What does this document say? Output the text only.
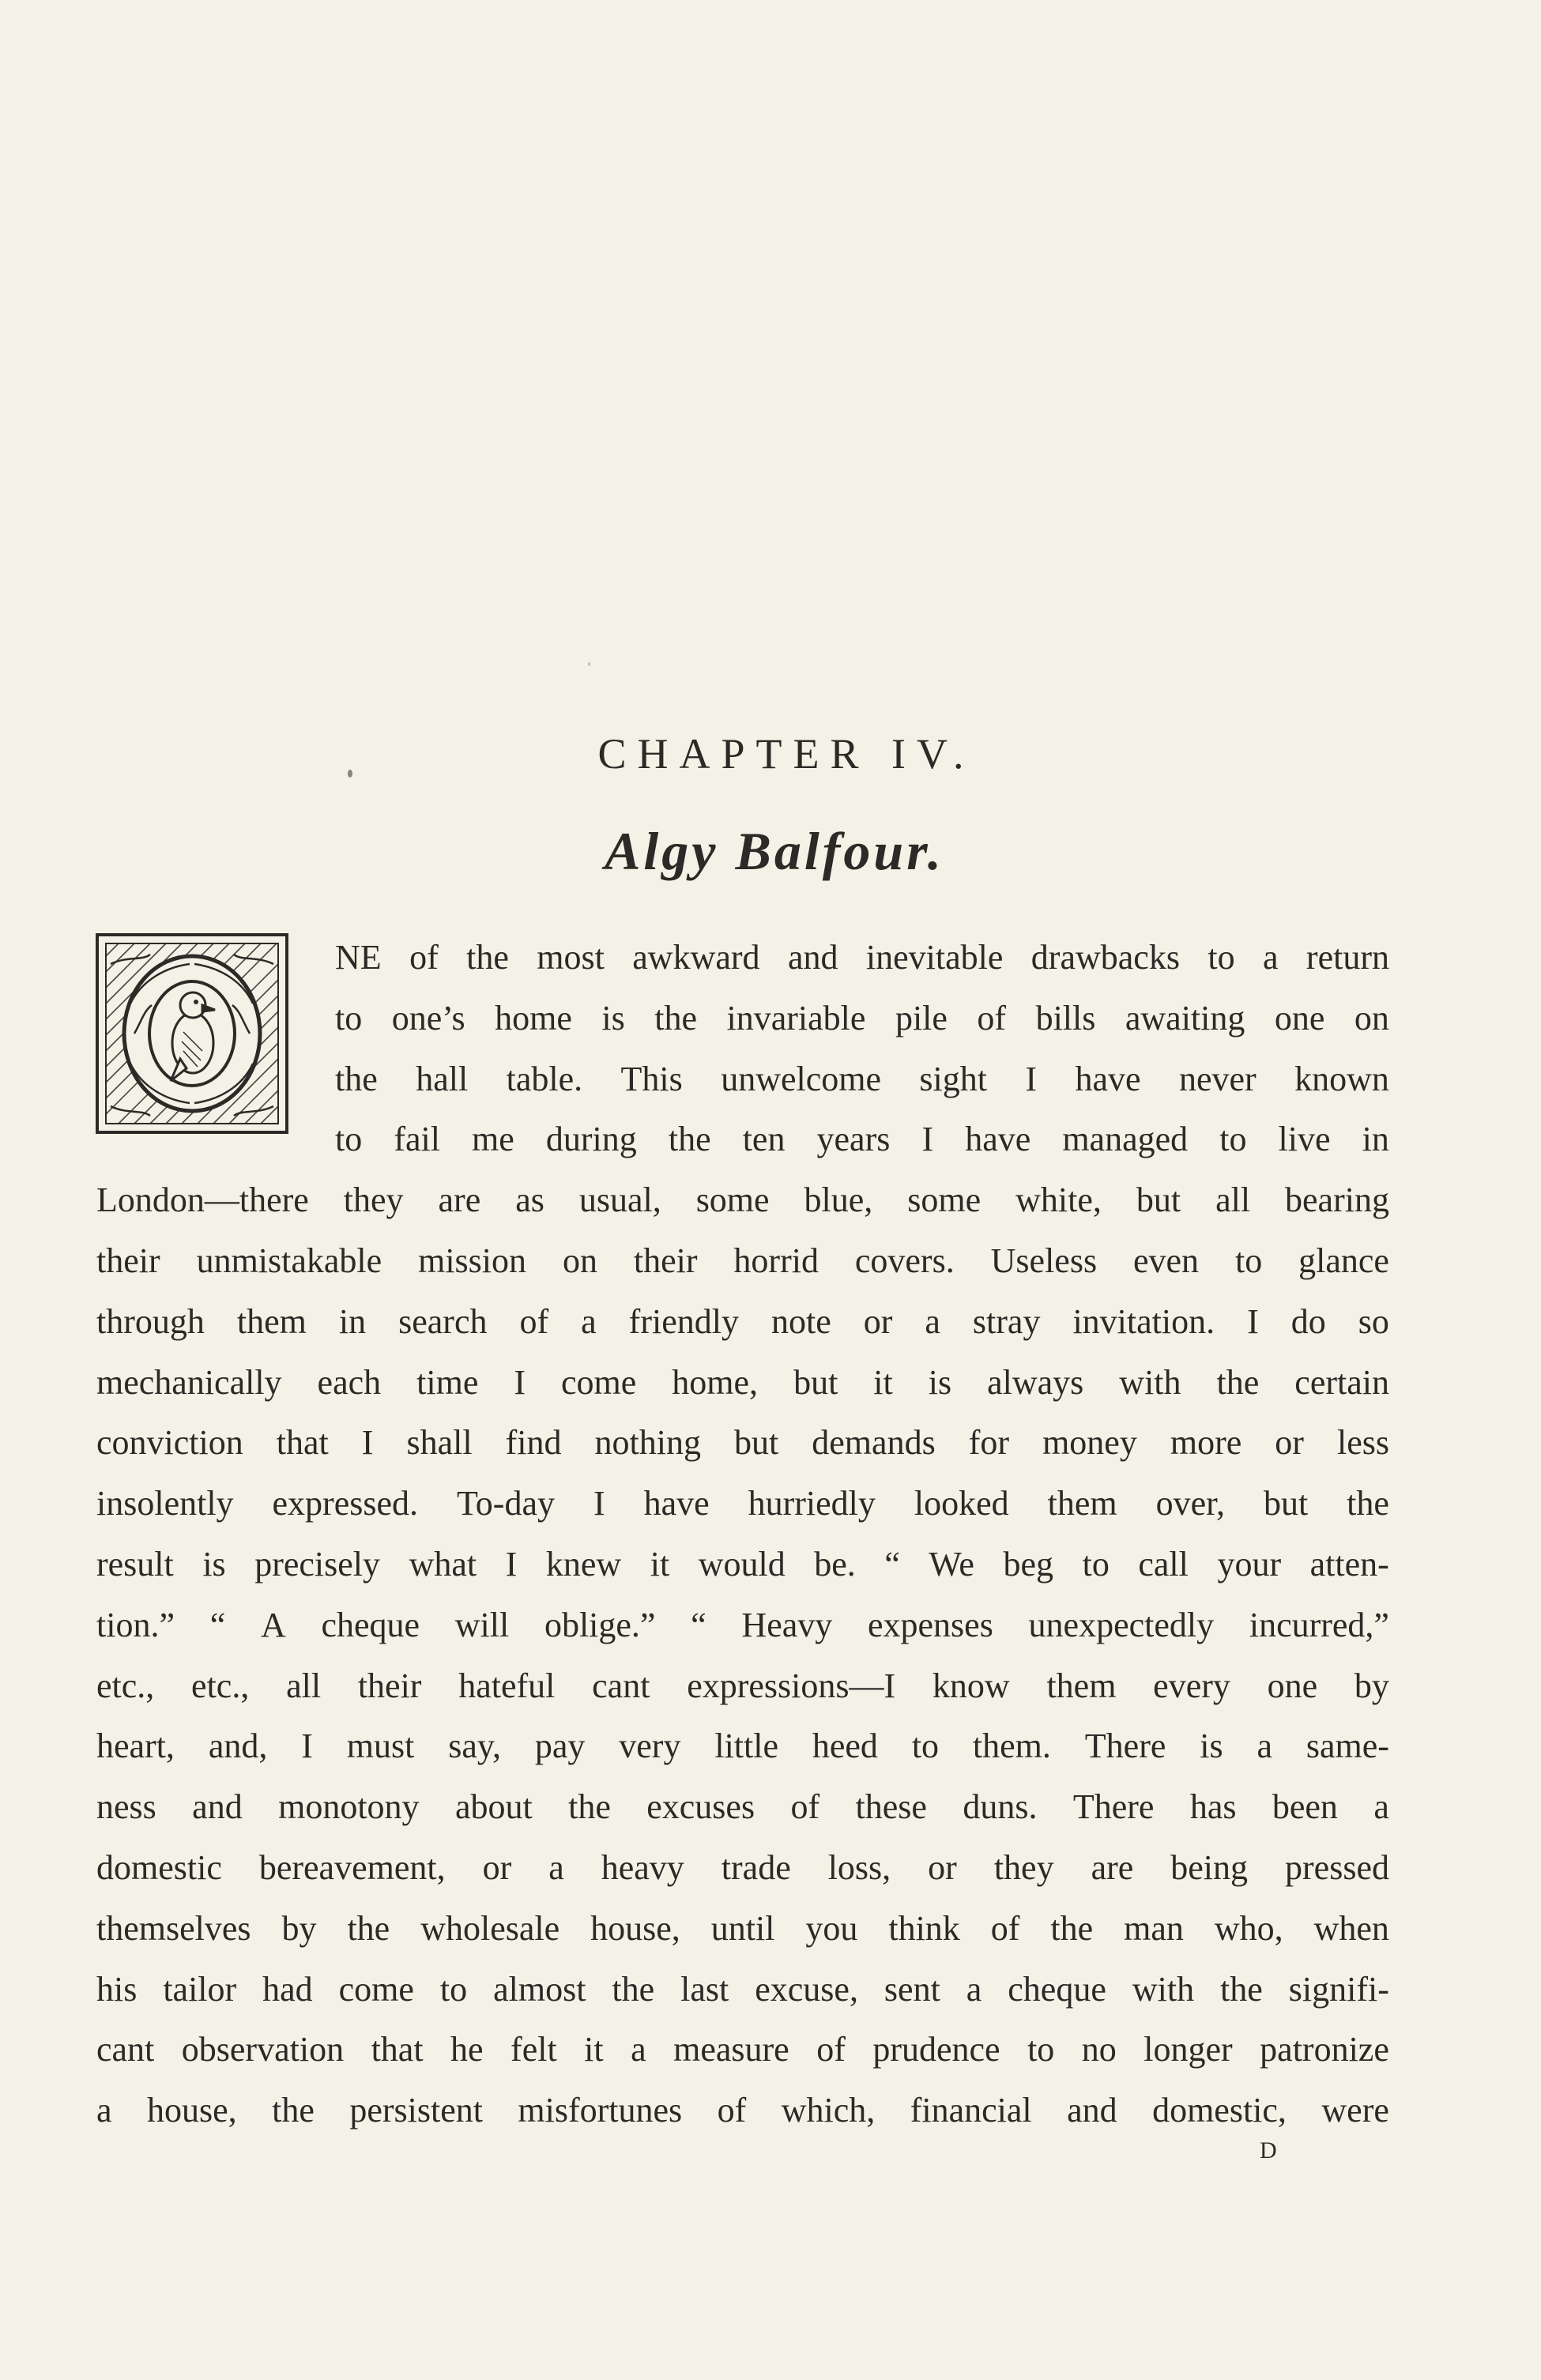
CHAPTER IV.
Algy Balfour.
NE of the most awkward and inevitable drawbacks to a return
to one’s home is the invariable pile of bills awaiting one on
the hall table. This unwelcome sight I have never known
to fail me during the ten years I have managed to live in
London—there they are as usual, some blue, some white, but all bearing
their unmistakable mission on their horrid covers. Useless even to glance
through them in search of a friendly note or a stray invitation. I do so
mechanically each time I come home, but it is always with the certain
conviction that I shall find nothing but demands for money more or less
insolently expressed. To-day I have hurriedly looked them over, but the
result is precisely what I knew it would be. “ We beg to call your atten-
tion.” “ A cheque will oblige.” “ Heavy expenses unexpectedly incurred,”
etc., etc., all their hateful cant expressions—I know them every one by
heart, and, I must say, pay very little heed to them. There is a same-
ness and monotony about the excuses of these duns. There has been a
domestic bereavement, or a heavy trade loss, or they are being pressed
themselves by the wholesale house, until you think of the man who, when
his tailor had come to almost the last excuse, sent a cheque with the signifi-
cant observation that he felt it a measure of prudence to no longer patronize
a house, the persistent misfortunes of which, financial and domestic, were
D
